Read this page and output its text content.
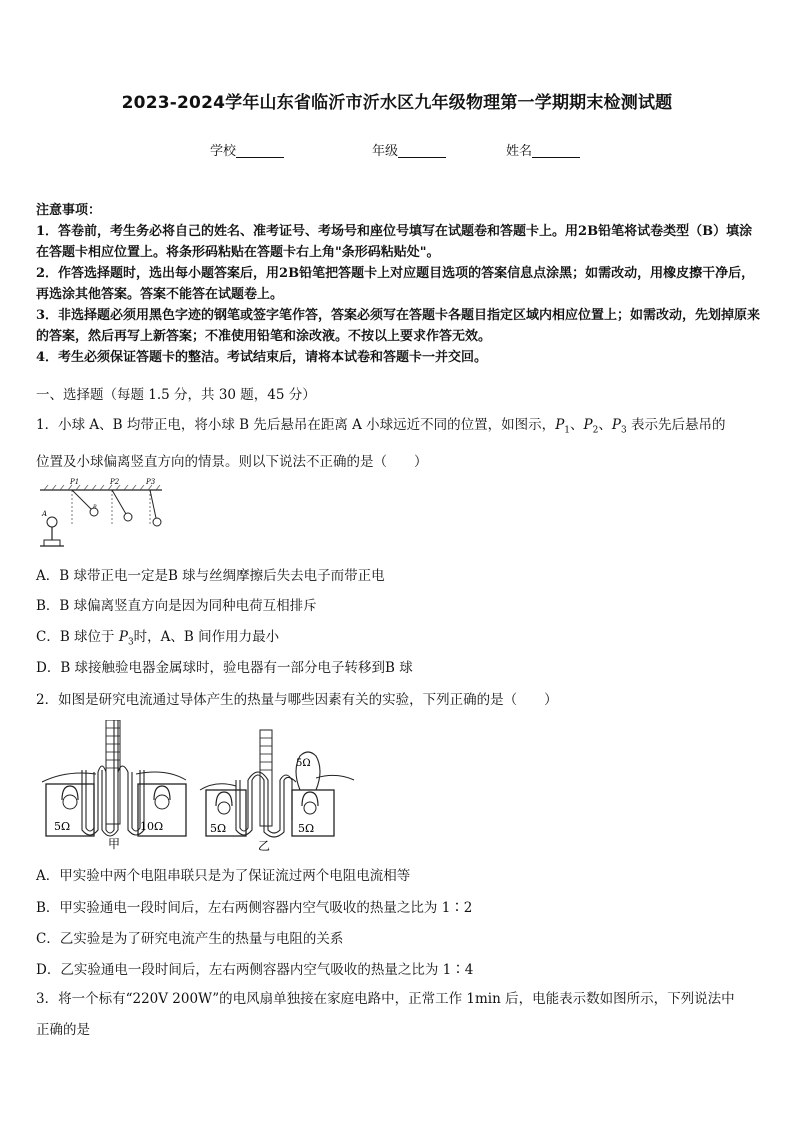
2023-2024学年山东省临沂市沂水区九年级物理第一学期期末检测试题
学校	年级	姓名

注意事项：

1．答卷前，考生务必将自己的姓名、准考证号、考场号和座位号填写在试题卷和答题卡上。用2B铅笔将试卷类型（B）填涂在答题卡相应位置上。将条形码粘贴在答题卡右上角"条形码粘贴处"。

2．作答选择题时，选出每小题答案后，用2B铅笔把答题卡上对应题目选项的答案信息点涂黑；如需改动，用橡皮擦干净后，再选涂其他答案。答案不能答在试题卷上。

3．非选择题必须用黑色字迹的钢笔或签字笔作答，答案必须写在答题卡各题目指定区域内相应位置上；如需改动，先划掉原来的答案，然后再写上新答案；不准使用铅笔和涂改液。不按以上要求作答无效。

4．考生必须保证答题卡的整洁。考试结束后，请将本试卷和答题卡一并交回。

一、选择题（每题 1.5 分，共 30 题，45 分）

1．小球 A、B 均带正电，将小球 B 先后悬吊在距离 A 小球远近不同的位置，如图示，$P_1$、$P_2$、$P_3$ 表示先后悬吊的

位置及小球偏离竖直方向的情景。则以下说法不正确的是（　　）

P1	P2	P3
B
A
A．B 球带正电一定是B 球与丝绸摩擦后失去电子而带正电
B．B 球偏离竖直方向是因为同种电荷互相排斥
C．B 球位于 $P_3$时，A、B 间作用力最小
D．B 球接触验电器金属球时，验电器有一部分电子转移到B 球
2．如图是研究电流通过导体产生的热量与哪些因素有关的实验，下列正确的是（　　）
5Ω	10Ω
甲
5Ω
5Ω	5Ω
乙
A．甲实验中两个电阻串联只是为了保证流过两个电阻电流相等
B．甲实验通电一段时间后，左右两侧容器内空气吸收的热量之比为 1∶2
C．乙实验是为了研究电流产生的热量与电阻的关系
D．乙实验通电一段时间后，左右两侧容器内空气吸收的热量之比为 1∶4

3．将一个标有“220V 200W”的电风扇单独接在家庭电路中，正常工作 1min 后，电能表示数如图所示，下列说法中

正确的是
